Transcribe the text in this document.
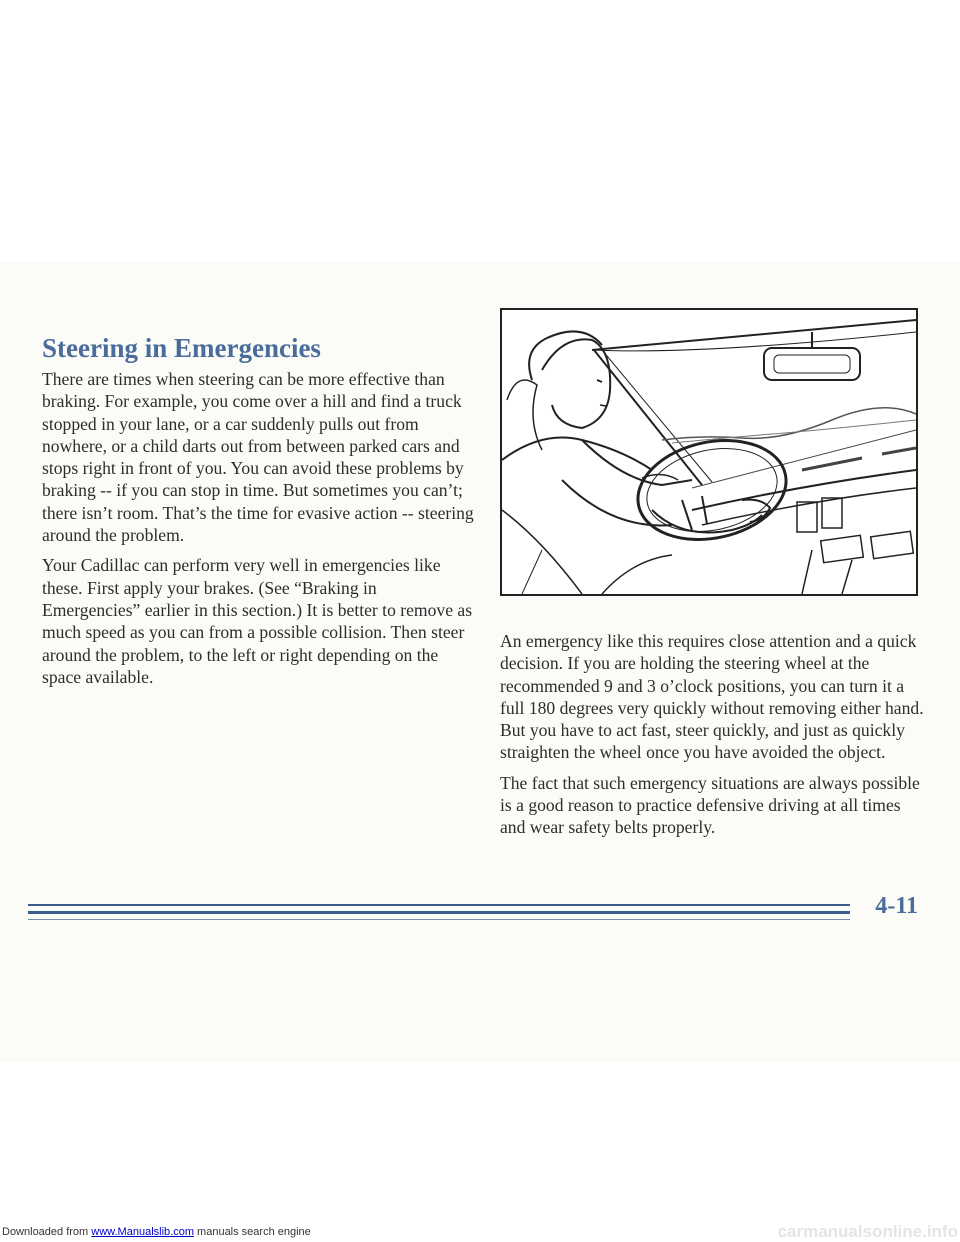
Steering in Emergencies

There are times when steering can be more effective than braking. For example, you come over a hill and find a truck stopped in your lane, or a car suddenly pulls out from nowhere, or a child darts out from between parked cars and stops right in front of you. You can avoid these problems by braking -- if you can stop in time. But sometimes you can’t; there isn’t room. That’s the time for evasive action -- steering around the problem.

Your Cadillac can perform very well in emergencies like these. First apply your brakes. (See “Braking in Emergencies” earlier in this section.) It is better to remove as much speed as you can from a possible collision. Then steer around the problem, to the left or right depending on the space available.

An emergency like this requires close attention and a quick decision. If you are holding the steering wheel at the recommended 9 and 3 o’clock positions, you can turn it a full 180 degrees very quickly without removing either hand. But you have to act fast, steer quickly, and just as quickly straighten the wheel once you have avoided the object.

The fact that such emergency situations are always possible is a good reason to practice defensive driving at all times and wear safety belts properly.

4-11

Downloaded from www.Manualslib.com manuals search engine	carmanualsonline.info
